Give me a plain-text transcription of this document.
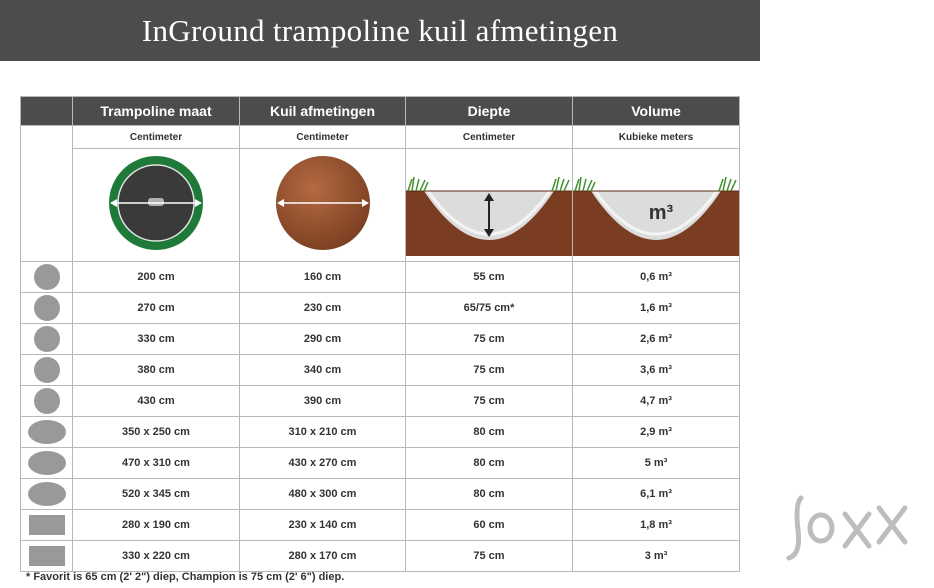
InGround trampoline kuil afmetingen
	Trampoline maat	Kuil afmetingen	Diepte	Volume
	Centimeter	Centimeter	Centimeter	Kubieke meters

m³

	200 cm	160 cm	55 cm	0,6 m³

	270 cm	230 cm	65/75 cm*	1,6 m³

	330 cm	290 cm	75 cm	2,6 m³

	380 cm	340 cm	75 cm	3,6 m³

	430 cm	390 cm	75 cm	4,7 m³

	350 x 250 cm	310 x 210 cm	80 cm	2,9 m³

	470 x 310 cm	430 x 270 cm	80 cm	5 m³

	520 x 345 cm	480 x 300 cm	80 cm	6,1 m³

	280 x 190 cm	230 x 140 cm	60 cm	1,8 m³

	330 x 220 cm	280 x 170 cm	75 cm	3 m³
* Favorit is 65 cm (2' 2") diep, Champion is 75 cm (2' 6") diep.
